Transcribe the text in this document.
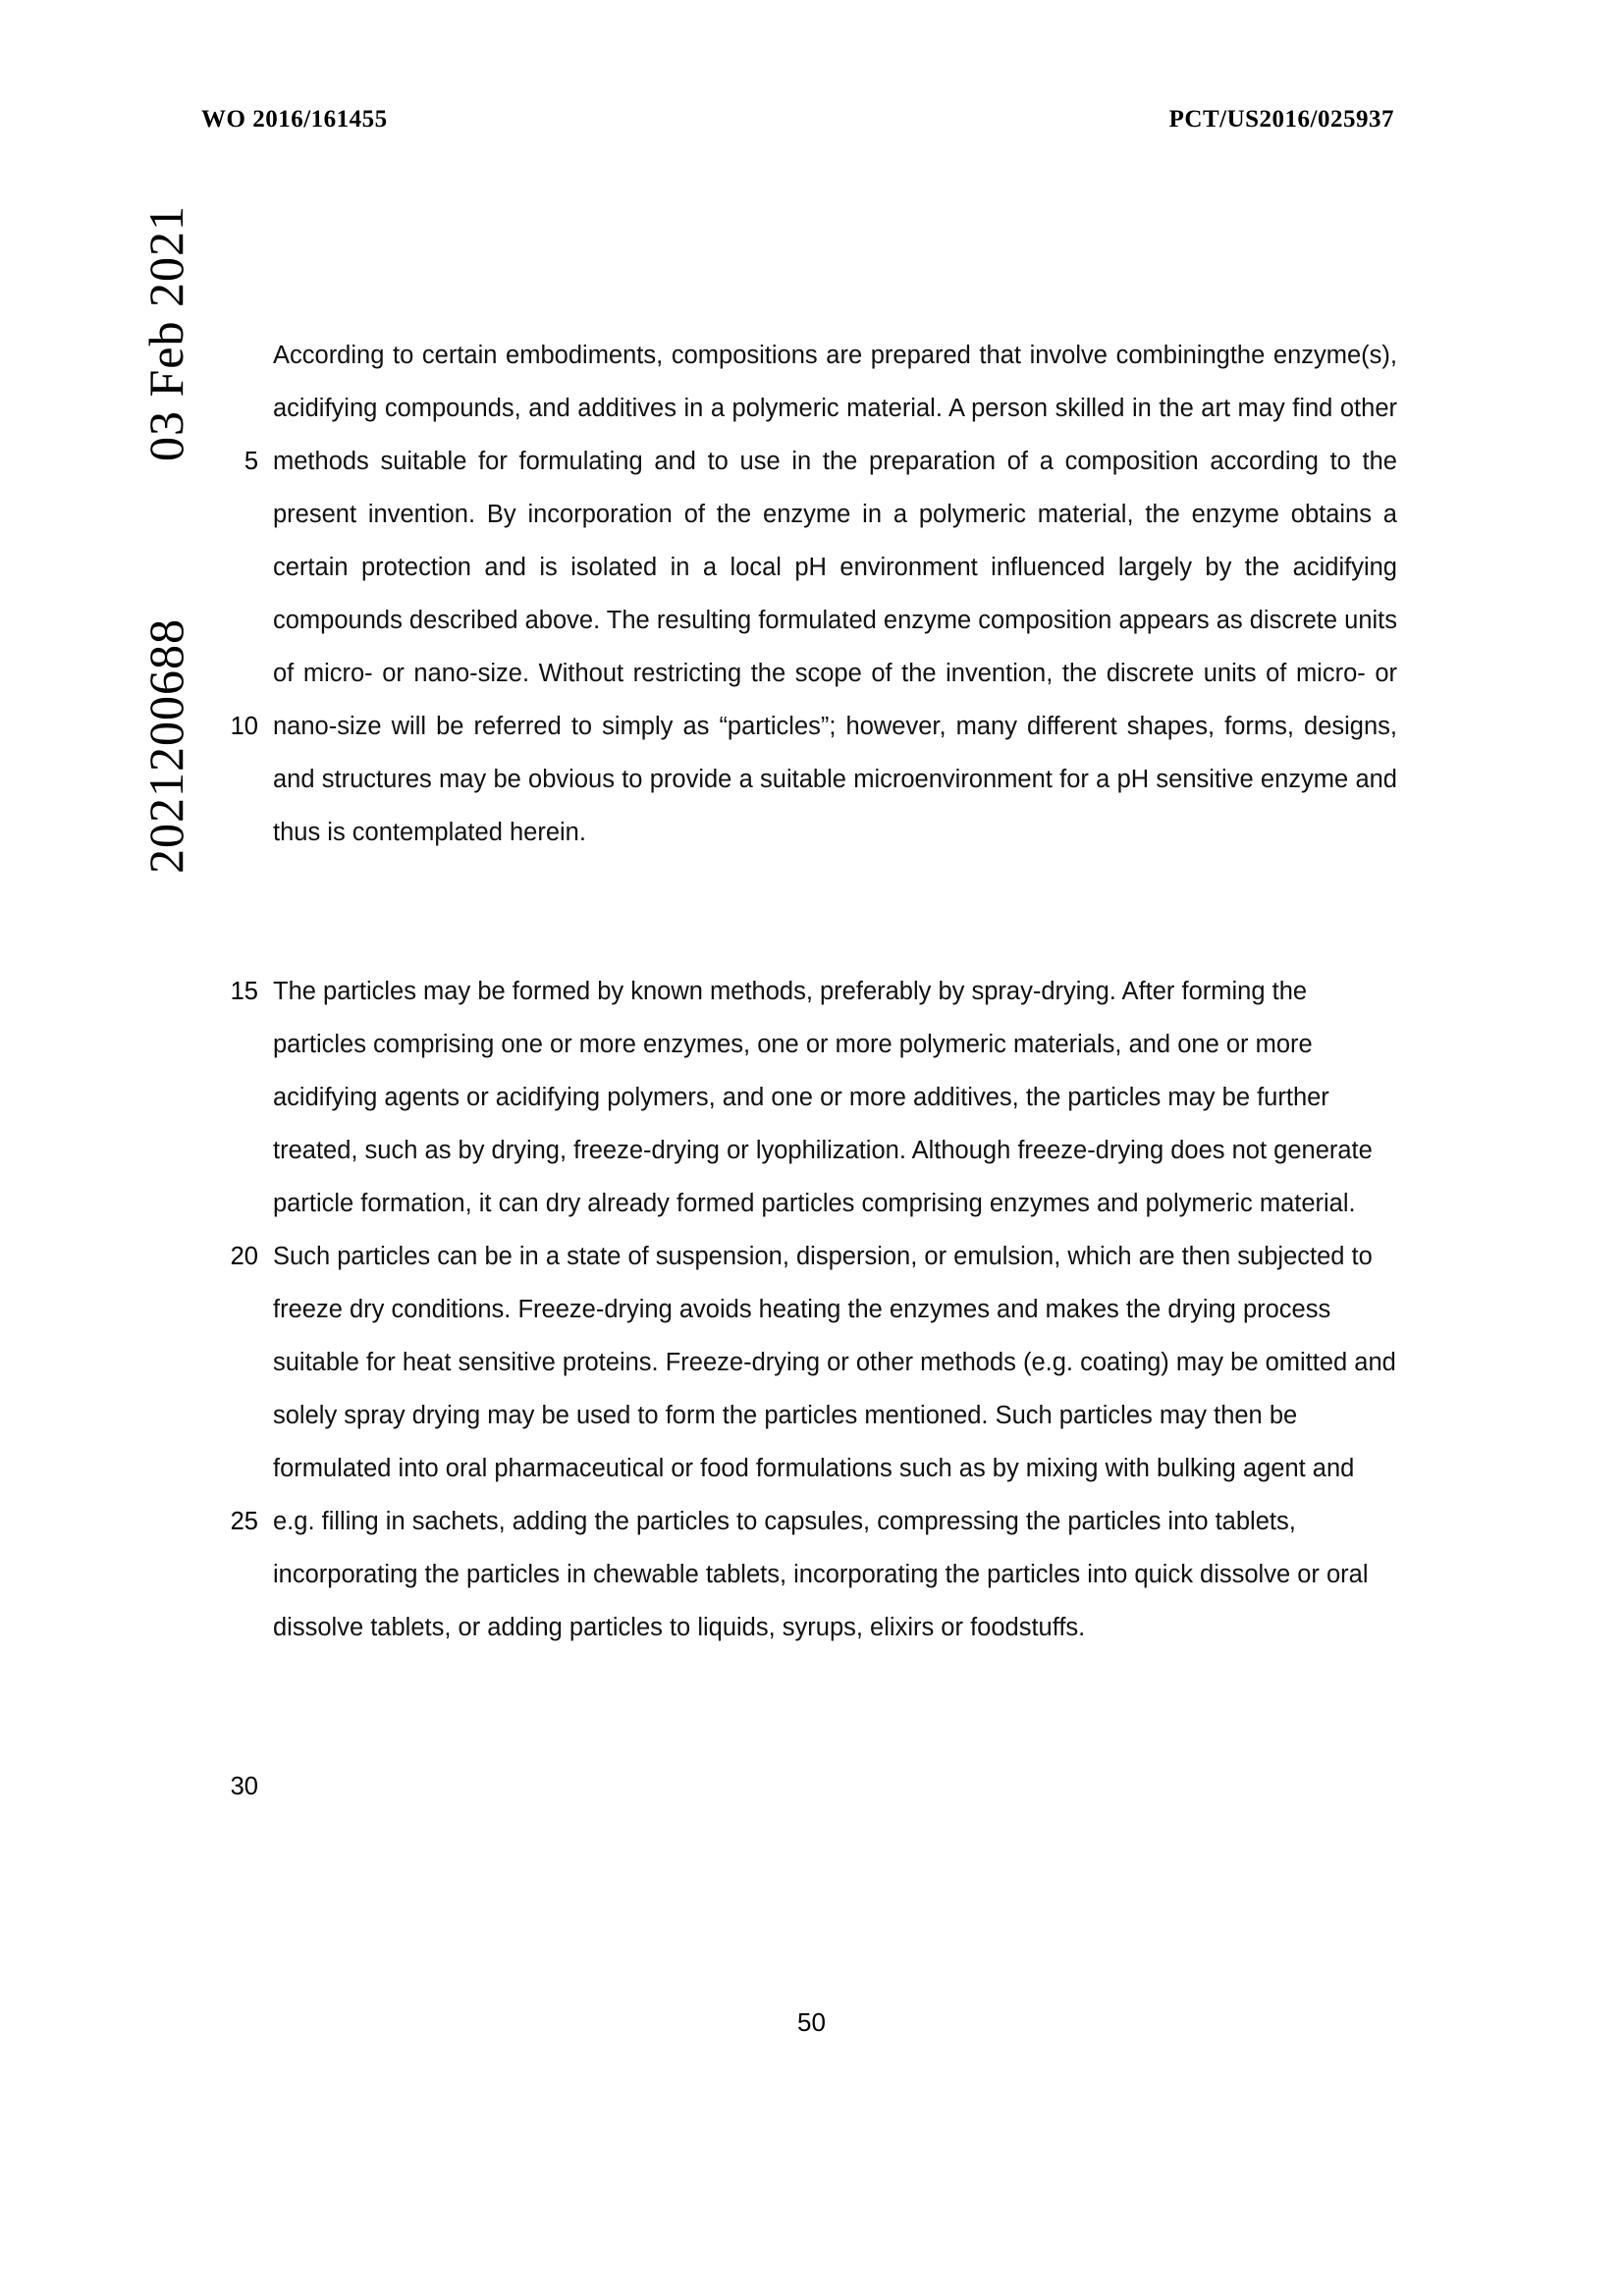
WO 2016/161455	PCT/US2016/025937
03 Feb 2021
2021200688
5
10
15
20
25
30

According to certain embodiments, compositions are prepared that involve combiningthe enzyme(s), acidifying compounds, and additives in a polymeric material. A person skilled in the art may find other methods suitable for formulating and to use in the preparation of a composition according to the present invention. By incorporation of the enzyme in a polymeric material, the enzyme obtains a certain protection and is isolated in a local pH environment influenced largely by the acidifying compounds described above. The resulting formulated enzyme composition appears as discrete units of micro- or nano-size. Without restricting the scope of the invention, the discrete units of micro- or nano-size will be referred to simply as “particles”; however, many different shapes, forms, designs, and structures may be obvious to provide a suitable microenvironment for a pH sensitive enzyme and thus is contemplated herein.

The particles may be formed by known methods, preferably by spray-drying. After forming the particles comprising one or more enzymes, one or more polymeric materials, and one or more acidifying agents or acidifying polymers, and one or more additives, the particles may be further treated, such as by drying, freeze-drying or lyophilization. Although freeze-drying does not generate particle formation, it can dry already formed particles comprising enzymes and polymeric material. Such particles can be in a state of suspension, dispersion, or emulsion, which are then subjected to freeze dry conditions. Freeze-drying avoids heating the enzymes and makes the drying process suitable for heat sensitive proteins. Freeze-drying or other methods (e.g. coating) may be omitted and solely spray drying may be used to form the particles mentioned. Such particles may then be formulated into oral pharmaceutical or food formulations such as by mixing with bulking agent and e.g. filling in sachets, adding the particles to capsules, compressing the particles into tablets, incorporating the particles in chewable tablets, incorporating the particles into quick dissolve or oral dissolve tablets, or adding particles to liquids, syrups, elixirs or foodstuffs.

50
